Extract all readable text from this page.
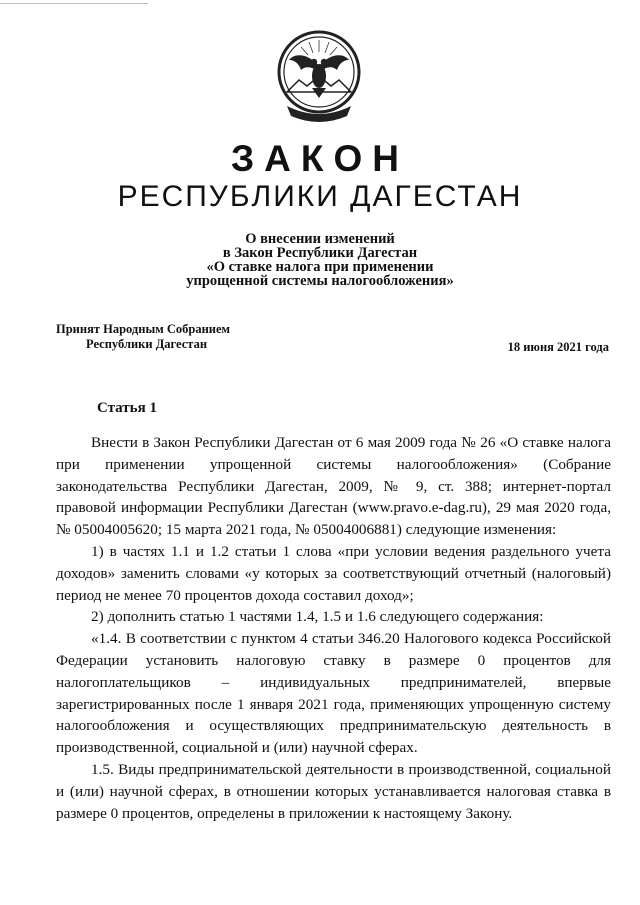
ЗАКОН
РЕСПУБЛИКИ ДАГЕСТАН
О внесении изменений
в Закон Республики Дагестан
«О ставке налога при применении
упрощенной системы налогообложения»
Принят Народным Собранием
Республики Дагестан	18 июня 2021 года
Статья 1

Внести в Закон Республики Дагестан от 6 мая 2009 года № 26 «О ставке налога при применении упрощенной системы налогообложения» (Собрание законодательства Республики Дагестан, 2009, № 9, ст. 388; интернет-портал правовой информации Республики Дагестан (www.pravo.e-dag.ru), 29 мая 2020 года, № 05004005620; 15 марта 2021 года, № 05004006881) следующие изменения:

1) в частях 1.1 и 1.2 статьи 1 слова «при условии ведения раздельного учета доходов» заменить словами «у которых за соответствующий отчетный (налоговый) период не менее 70 процентов дохода составил доход»;

2) дополнить статью 1 частями 1.4, 1.5 и 1.6 следующего содержания:

«1.4. В соответствии с пунктом 4 статьи 346.20 Налогового кодекса Российской Федерации установить налоговую ставку в размере 0 процентов для налогоплательщиков – индивидуальных предпринимателей, впервые зарегистрированных после 1 января 2021 года, применяющих упрощенную систему налогообложения и осуществляющих предпринимательскую деятельность в производственной, социальной и (или) научной сферах.

1.5. Виды предпринимательской деятельности в производственной, социальной и (или) научной сферах, в отношении которых устанавливается налоговая ставка в размере 0 процентов, определены в приложении к настоящему Закону.
